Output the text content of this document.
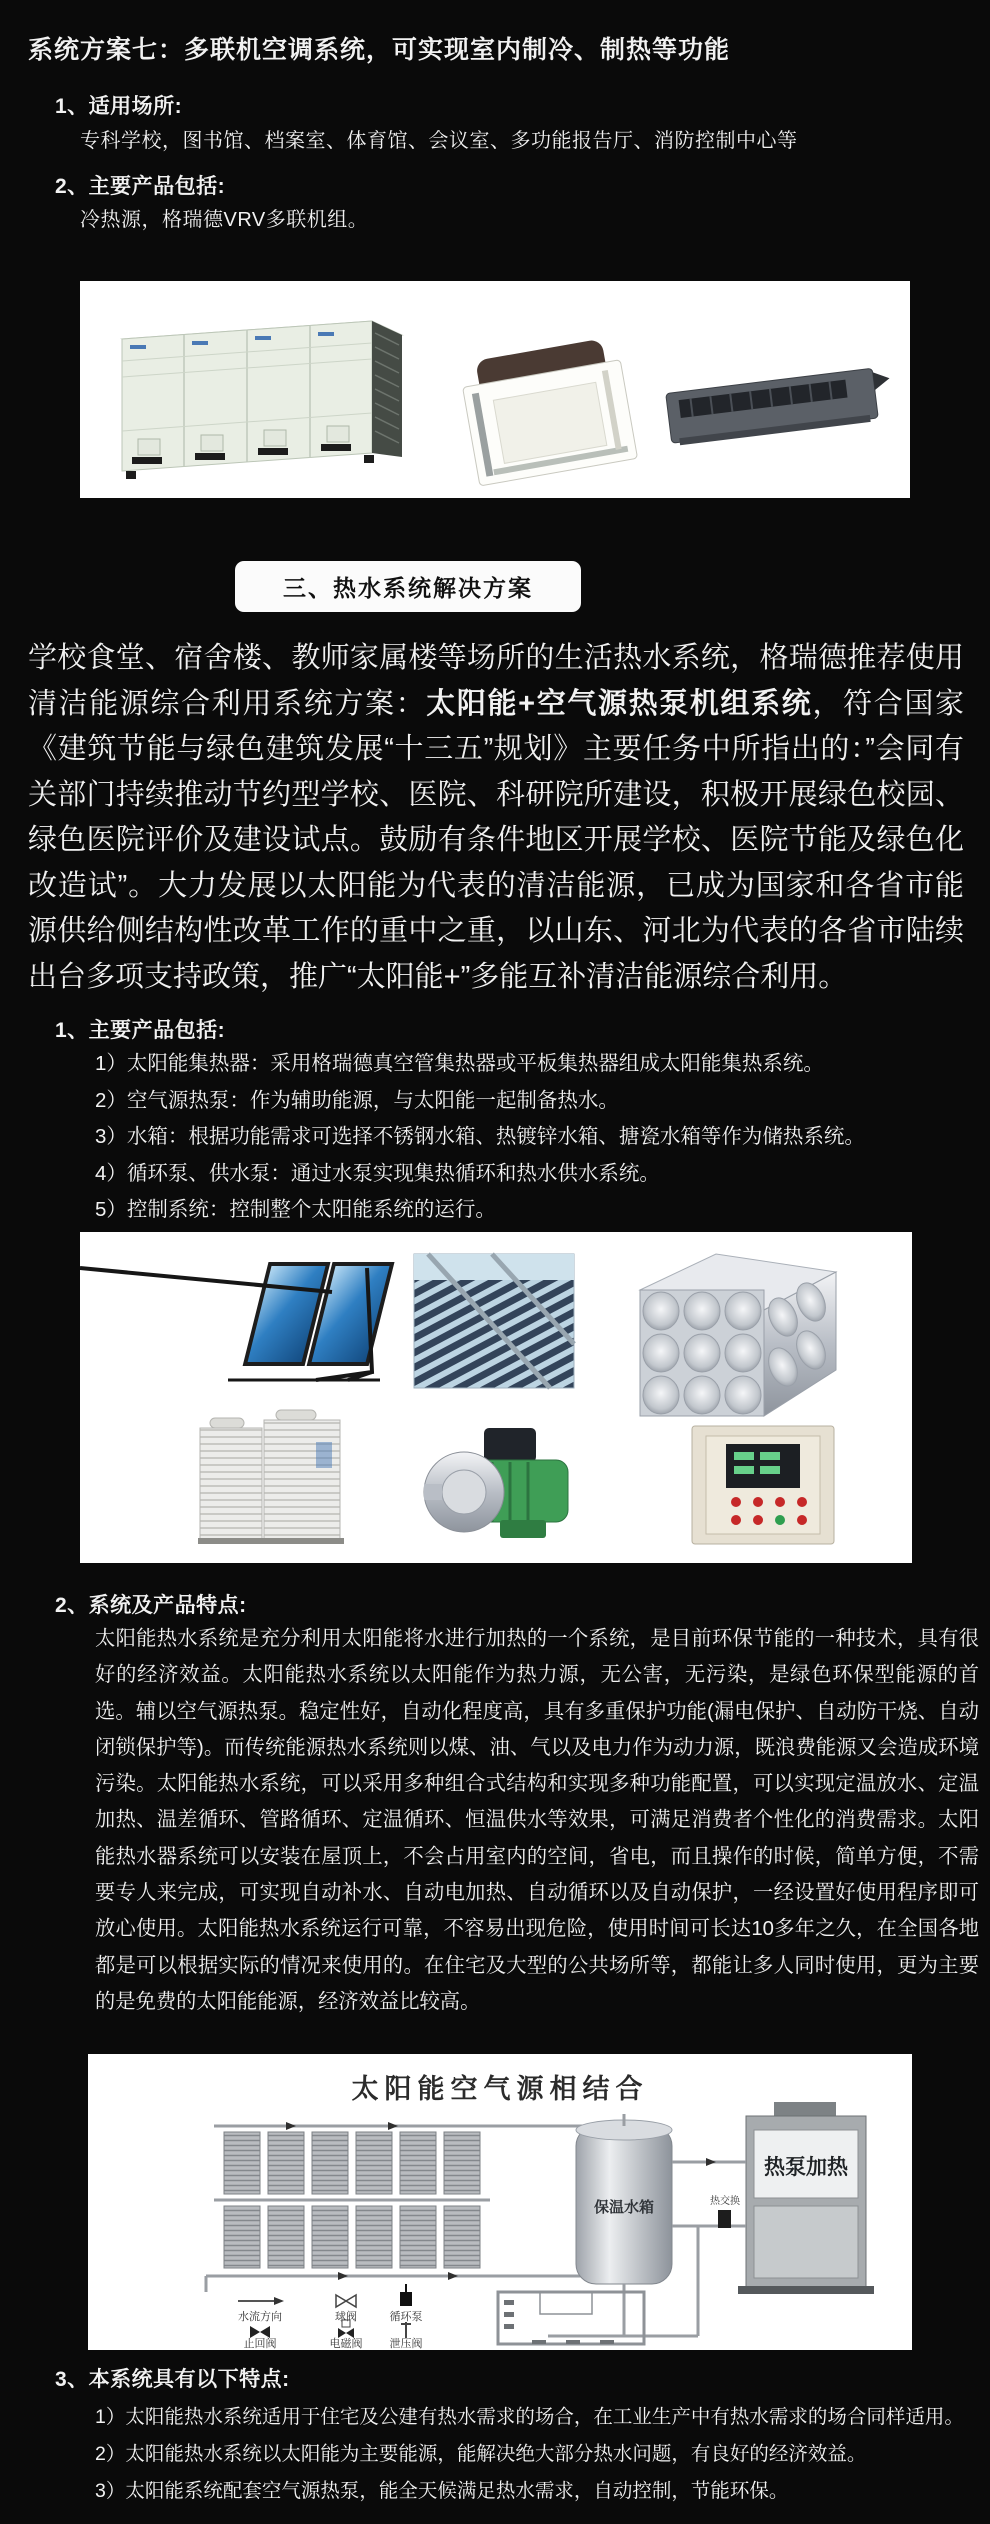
系统方案七：多联机空调系统，可实现室内制冷、制热等功能
1、适用场所:
专科学校，图书馆、档案室、体育馆、会议室、多功能报告厅、消防控制中心等
2、主要产品包括:
冷热源，格瑞德VRV多联机组。
三、热水系统解决方案

学校食堂、宿舍楼、教师家属楼等场所的生活热水系统，格瑞德推荐使用清洁能源综合利用系统方案：太阳能+空气源热泵机组系统，符合国家《建筑节能与绿色建筑发展“十三五”规划》主要任务中所指出的：”会同有关部门持续推动节约型学校、医院、科研院所建设，积极开展绿色校园、绿色医院评价及建设试点。鼓励有条件地区开展学校、医院节能及绿色化改造试”。大力发展以太阳能为代表的清洁能源，已成为国家和各省市能源供给侧结构性改革工作的重中之重，以山东、河北为代表的各省市陆续出台多项支持政策，推广“太阳能+”多能互补清洁能源综合利用。

1、主要产品包括:
1）太阳能集热器：采用格瑞德真空管集热器或平板集热器组成太阳能集热系统。
2）空气源热泵：作为辅助能源，与太阳能一起制备热水。
3）水箱：根据功能需求可选择不锈钢水箱、热镀锌水箱、搪瓷水箱等作为储热系统。
4）循环泵、供水泵：通过水泵实现集热循环和热水供水系统。
5）控制系统：控制整个太阳能系统的运行。
2、系统及产品特点:

太阳能热水系统是充分利用太阳能将水进行加热的一个系统，是目前环保节能的一种技术，具有很好的经济效益。太阳能热水系统以太阳能作为热力源，无公害，无污染，是绿色环保型能源的首选。辅以空气源热泵。稳定性好，自动化程度高，具有多重保护功能(漏电保护、自动防干烧、自动闭锁保护等)。而传统能源热水系统则以煤、油、气以及电力作为动力源，既浪费能源又会造成环境污染。太阳能热水系统，可以采用多种组合式结构和实现多种功能配置，可以实现定温放水、定温加热、温差循环、管路循环、定温循环、恒温供水等效果，可满足消费者个性化的消费需求。太阳能热水器系统可以安装在屋顶上，不会占用室内的空间，省电，而且操作的时候，简单方便，不需要专人来完成，可实现自动补水、自动电加热、自动循环以及自动保护，一经设置好使用程序即可放心使用。太阳能热水系统运行可靠，不容易出现危险，使用时间可长达10多年之久，在全国各地都是可以根据实际的情况来使用的。在住宅及大型的公共场所等，都能让多人同时使用，更为主要的是免费的太阳能能源，经济效益比较高。

太阳能空气源相结合
保温水箱
热泵加热
热交换
水流方向	球阀	循环泵
止回阀	电磁阀 泄压阀
3、本系统具有以下特点:
1）太阳能热水系统适用于住宅及公建有热水需求的场合，在工业生产中有热水需求的场合同样适用。
2）太阳能热水系统以太阳能为主要能源，能解决绝大部分热水问题，有良好的经济效益。
3）太阳能系统配套空气源热泵，能全天候满足热水需求，自动控制，节能环保。
